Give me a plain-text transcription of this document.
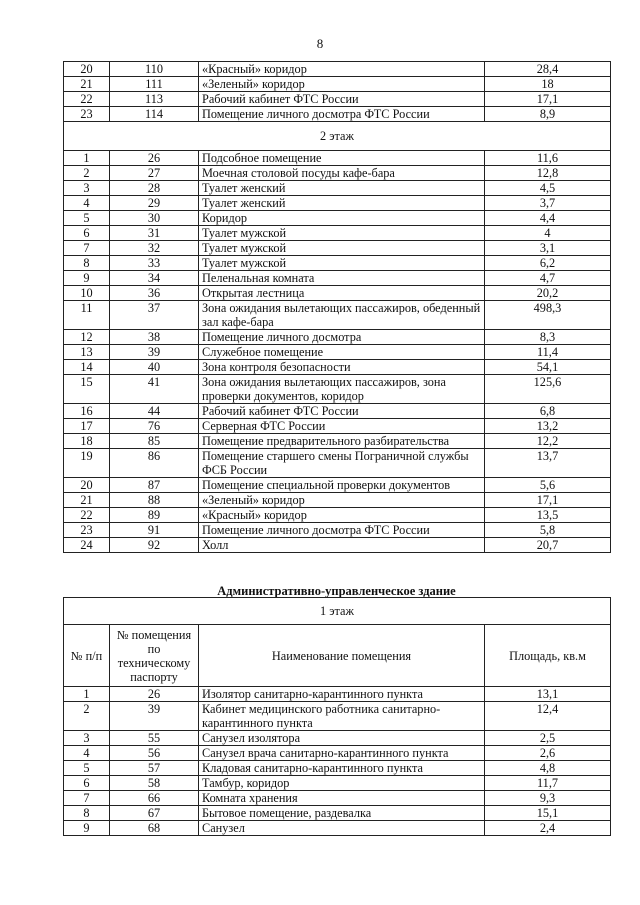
8
20	110	«Красный» коридор	28,4
21	111	«Зеленый» коридор	18
22	113	Рабочий кабинет ФТС России	17,1
23	114	Помещение личного досмотра ФТС России	8,9
2 этаж			
1	26	Подсобное помещение	11,6
2	27	Моечная столовой посуды кафе-бара	12,8
3	28	Туалет женский	4,5
4	29	Туалет женский	3,7
5	30	Коридор	4,4
6	31	Туалет мужской	4
7	32	Туалет мужской	3,1
8	33	Туалет мужской	6,2
9	34	Пеленальная комната	4,7
10	36	Открытая лестница	20,2
11	37	Зона ожидания вылетающих пассажиров, обеденный зал кафе-бара	498,3
12	38	Помещение личного досмотра	8,3
13	39	Служебное помещение	11,4
14	40	Зона контроля безопасности	54,1
15	41	Зона ожидания вылетающих пассажиров, зона проверки документов, коридор	125,6
16	44	Рабочий кабинет ФТС России	6,8
17	76	Серверная ФТС России	13,2
18	85	Помещение предварительного разбирательства	12,2
19	86	Помещение старшего смены Пограничной службы ФСБ России	13,7
20	87	Помещение специальной проверки документов	5,6
21	88	«Зеленый» коридор	17,1
22	89	«Красный» коридор	13,5
23	91	Помещение личного досмотра ФТС России	5,8
24	92	Холл	20,7
Административно-управленческое здание
1 этаж			
№ п/п	№ помещения по техническому паспорту	Наименование помещения	Площадь, кв.м
1	26	Изолятор санитарно-карантинного пункта	13,1
2	39	Кабинет медицинского работника санитарно-карантинного пункта	12,4
3	55	Санузел изолятора	2,5
4	56	Санузел врача санитарно-карантинного пункта	2,6
5	57	Кладовая санитарно-карантинного пункта	4,8
6	58	Тамбур, коридор	11,7
7	66	Комната хранения	9,3
8	67	Бытовое помещение, раздевалка	15,1
9	68	Санузел	2,4
